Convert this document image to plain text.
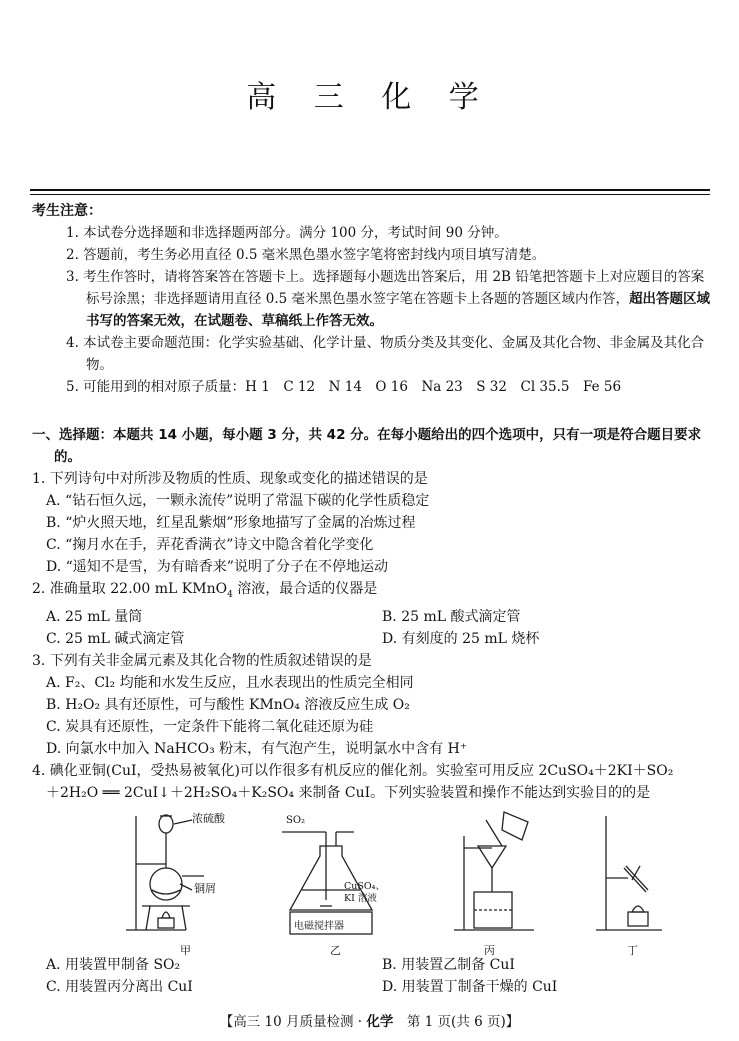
高 三 化 学
考生注意：
1. 本试卷分选择题和非选择题两部分。满分 100 分，考试时间 90 分钟。
2. 答题前，考生务必用直径 0.5 毫米黑色墨水签字笔将密封线内项目填写清楚。
3. 考生作答时，请将答案答在答题卡上。选择题每小题选出答案后，用 2B 铅笔把答题卡上对应题目的答案标号涂黑；非选择题请用直径 0.5 毫米黑色墨水签字笔在答题卡上各题的答题区域内作答，超出答题区域书写的答案无效，在试题卷、草稿纸上作答无效。
4. 本试卷主要命题范围：化学实验基础、化学计量、物质分类及其变化、金属及其化合物、非金属及其化合物。
5. 可能用到的相对原子质量：H 1　C 12　N 14　O 16　Na 23　S 32　Cl 35.5　Fe 56
一、选择题：本题共 14 小题，每小题 3 分，共 42 分。在每小题给出的四个选项中，只有一项是符合题目要求的。
1. 下列诗句中对所涉及物质的性质、现象或变化的描述错误的是
A. “钻石恒久远，一颗永流传”说明了常温下碳的化学性质稳定
B. “炉火照天地，红星乱紫烟”形象地描写了金属的冶炼过程
C. “掬月水在手，弄花香满衣”诗文中隐含着化学变化
D. “遥知不是雪，为有暗香来”说明了分子在不停地运动
2. 准确量取 22.00 mL KMnO$_4$ 溶液，最合适的仪器是
A. 25 mL 量筒	B. 25 mL 酸式滴定管
C. 25 mL 碱式滴定管	D. 有刻度的 25 mL 烧杯
3. 下列有关非金属元素及其化合物的性质叙述错误的是
A. F₂、Cl₂ 均能和水发生反应，且水表现出的性质完全相同
B. H₂O₂ 具有还原性，可与酸性 KMnO₄ 溶液反应生成 O₂
C. 炭具有还原性，一定条件下能将二氧化硅还原为硅
D. 向氯水中加入 NaHCO₃ 粉末，有气泡产生，说明氯水中含有 H⁺
4. 碘化亚铜(CuI，受热易被氧化)可以作很多有机反应的催化剂。实验室可用反应 2CuSO₄＋2KI＋SO₂
＋2H₂O ══ 2CuI↓＋2H₂SO₄＋K₂SO₄ 来制备 CuI。下列实验装置和操作不能达到实验目的的是
浓硫酸
铜屑
SO₂
CuSO₄、
KI 溶液
电磁搅拌器
甲	乙	丙	丁
A. 用装置甲制备 SO₂	B. 用装置乙制备 CuI
C. 用装置丙分离出 CuI	D. 用装置丁制备干燥的 CuI
【高三 10 月质量检测 · 化学　第 1 页(共 6 页)】
